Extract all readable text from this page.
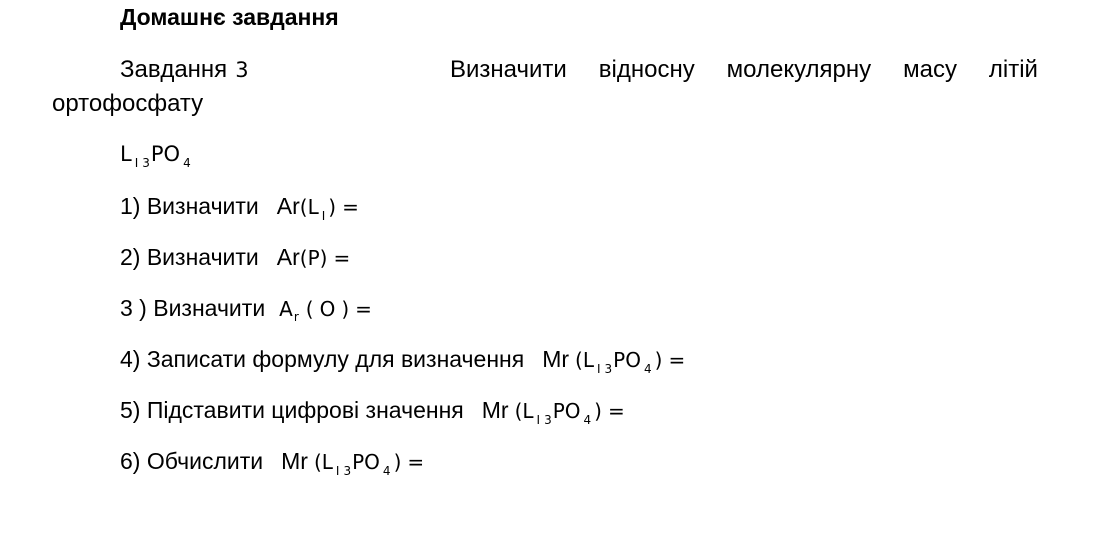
Домашнє завдання
Завдання 3	Визначити відносну молекулярну масу літій
ортофосфату
L $_I$ $_3$PO $_4$
1) Визначити Ar(L $_I$ ) =
2) Визначити Ar(P) =
3 ) Визначити $A_r$ ( O ) =
4) Записати формулу для визначення Mr (L $_I$ $_3$PO $_4$ ) =
5) Підставити цифрові значення Mr (L $_I$ $_3$PO $_4$ ) =
6) Обчислити Mr (L $_I$ $_3$PO $_4$ ) =
